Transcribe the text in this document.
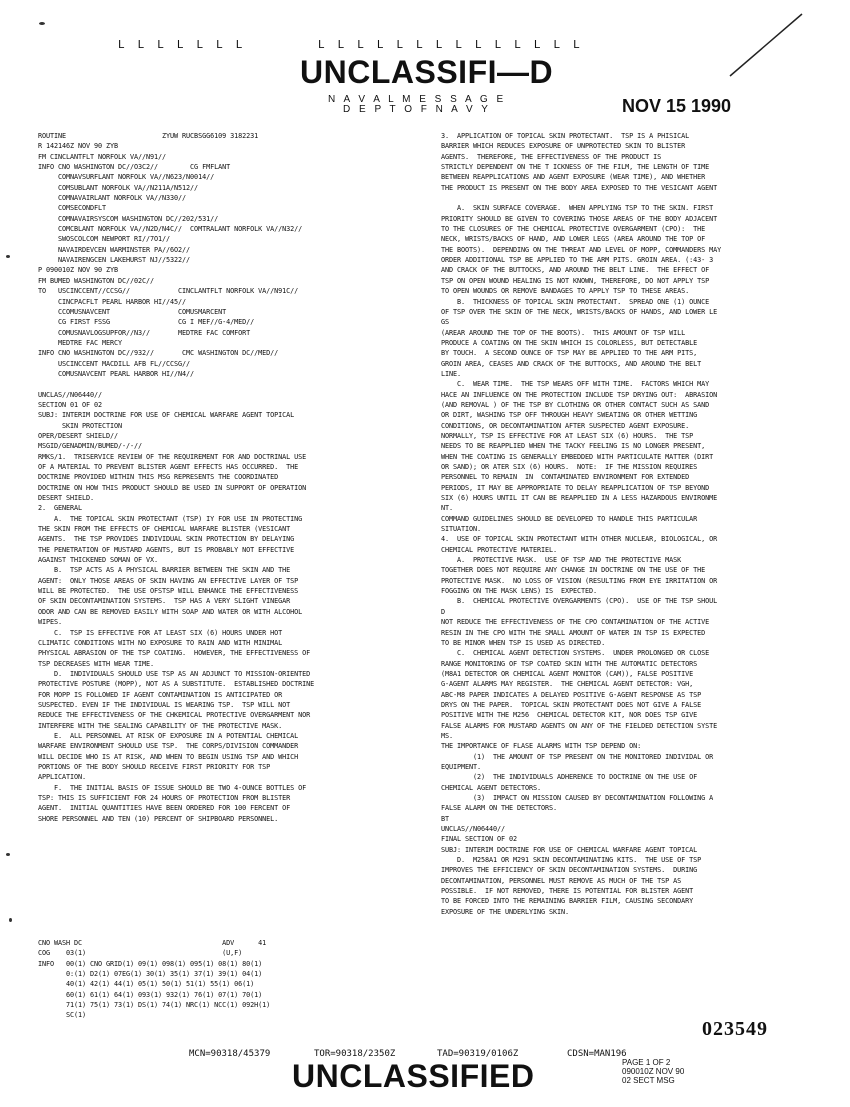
L L L L L L L	L L L L L L L L L L L L L L
UNCLASSIFI―D
N A V A L M E S S A G E
D E P T O F N A V Y	NOV 15 1990
ROUTINE                        ZYUW RUCBSGG6109 3182231
R 142146Z NOV 90 ZYB
FM CINCLANTFLT NORFOLK VA//N91//
INFO CNO WASHINGTON DC//O3C2//        CG FMFLANT
COMNAVSURFLANT NORFOLK VA//N623/N0014//
COMSUBLANT NORFOLK VA//N211A/N512//
COMNAVAIRLANT NORFOLK VA//N330//
COMSECONDFLT
COMNAVAIRSYSCOM WASHINGTON DC//202/531//
COMCBLANT NORFOLK VA//N2D/N4C//  COMTRALANT NORFOLK VA//N32//
SWOSCOLCOM NEWPORT RI//7O1//
NAVAIRDEVCEN WARMINSTER PA//6O2//
NAVAIRENGCEN LAKEHURST NJ//5322//
P 090010Z NOV 90 ZYB
FM BUMED WASHINGTON DC//02C//
TO   USCINCCENT//CCSG//            CINCLANTFLT NORFOLK VA//N91C//
CINCPACFLT PEARL HARBOR HI//45//
CCOMUSNAVCENT                 COMUSMARCENT
CG FIRST FSSG                 CG I MEF//G-4/MED//
COMUSNAVLOGSUPFOR//N3//       MEDTRE FAC COMFORT
MEDTRE FAC MERCY
INFO CNO WASHINGTON DC//932//       CMC WASHINGTON DC//MED//
USCINCCENT MACDILL AFB FL//CCSG//
COMUSNAVCENT PEARL HARBOR HI//N4//
UNCLAS//N06440//
SECTION 01 OF 02
SUBJ: INTERIM DOCTRINE FOR USE OF CHEMICAL WARFARE AGENT TOPICAL
SKIN PROTECTION
OPER/DESERT SHIELD//
MSGID/GENADMIN/BUMED/-/-//
RMKS/1.  TRISERVICE REVIEW OF THE REQUIREMENT FOR AND DOCTRINAL USE
OF A MATERIAL TO PREVENT BLISTER AGENT EFFECTS HAS OCCURRED.  THE
DOCTRINE PROVIDED WITHIN THIS MSG REPRESENTS THE COORDINATED
DOCTRINE ON HOW THIS PRODUCT SHOULD BE USED IN SUPPORT OF OPERATION
DESERT SHIELD.
2.  GENERAL
A.  THE TOPICAL SKIN PROTECTANT (TSP) IY FOR USE IN PROTECTING
THE SKIN FROM THE EFFECTS OF CHEMICAL WARFARE BLISTER (VESICANT
AGENTS.  THE TSP PROVIDES INDIVIDUAL SKIN PROTECTION BY DELAYING
THE PENETRATION OF MUSTARD AGENTS, BUT IS PROBABLY NOT EFFECTIVE
AGAINST THICKENED SOMAN OF VX.
B.  TSP ACTS AS A PHYSICAL BARRIER BETWEEN THE SKIN AND THE
AGENT:  ONLY THOSE AREAS OF SKIN HAVING AN EFFECTIVE LAYER OF TSP
WILL BE PROTECTED.  THE USE OFSTSP WILL ENHANCE THE EFFECTIVENESS
OF SKIN DECONTAMINATION SYSTEMS.  TSP HAS A VERY SLIGHT VINEGAR
ODOR AND CAN BE REMOVED EASILY WITH SOAP AND WATER OR WITH ALCOHOL
WIPES.
C.  TSP IS EFFECTIVE FOR AT LEAST SIX (6) HOURS UNDER HOT
CLIMATIC CONDITIONS WITH NO EXPOSURE TO RAIN AND WITH MINIMAL
PHYSICAL ABRASION OF THE TSP COATING.  HOWEVER, THE EFFECTIVENESS OF
TSP DECREASES WITH WEAR TIME.
D.  INDIVIDUALS SHOULD USE TSP AS AN ADJUNCT TO MISSION-ORIENTED
PROTECTIVE POSTURE (MOPP), NOT AS A SUBSTITUTE.  ESTABLISHED DOCTRINE
FOR MOPP IS FOLLOWED IF AGENT CONTAMINATION IS ANTICIPATED OR
SUSPECTED. EVEN IF THE INDIVIDUAL IS WEARING TSP.  TSP WILL NOT
REDUCE THE EFFECTIVENESS OF THE CHKEMICAL PROTECTIVE OVERGARMENT NOR
INTERFERE WITH THE SEALING CAPABILITY OF THE PROTECTIVE MASK.
E.  ALL PERSONNEL AT RISK OF EXPOSURE IN A POTENTIAL CHEMICAL
WARFARE ENVIRONMENT SHOULD USE TSP.  THE CORPS/DIVISION COMMANDER
WILL DECIDE WHO IS AT RISK, AND WHEN TO BEGIN USING TSP AND WHICH
PORTIONS OF THE BODY SHOULD RECEIVE FIRST PRIORITY FOR TSP
APPLICATION.
F.  THE INITIAL BASIS OF ISSUE SHOULD BE TWO 4-OUNCE BOTTLES OF
TSP: THIS IS SUFFICIENT FOR 24 HOURS OF PROTECTION FROM BLISTER
AGENT.  INITIAL QUANTITIES HAVE BEEN ORDERED FOR 100 FERCENT OF
SHORE PERSONNEL AND TEN (10) PERCENT OF SHIPBOARD PERSONNEL.
CNO WASH DC                                   ADV      41
COG    03(1)                                  (U,F)
INFO   00(1) CNO GRID(1) 09(1) 098(1) 095(1) 08(1) 80(1)
0:(1) D2(1) 07EG(1) 30(1) 35(1) 37(1) 39(1) 04(1)
40(1) 42(1) 44(1) 05(1) 50(1) 51(1) 55(1) 06(1)
60(1) 61(1) 64(1) 093(1) 932(1) 76(1) 07(1) 70(1)
71(1) 75(1) 73(1) DS(1) 74(1) NRC(1) NCC(1) 092H(1)
SC(1)
3.  APPLICATION OF TOPICAL SKIN PROTECTANT.  TSP IS A PHISICAL
BARRIER WHICH REDUCES EXPOSURE OF UNPROTECTED SKIN TO BLISTER
AGENTS.  THEREFORE, THE EFFECTIVENESS OF THE PRODUCT IS
STRICTLY DEPENDENT ON THE T ICKNESS OF THE FILM, THE LENGTH OF TIME
BETWEEN REAPPLICATIONS AND AGENT EXPOSURE (WEAR TIME), AND WHETHER
THE PRODUCT IS PRESENT ON THE BODY AREA EXPOSED TO THE VESICANT AGENT
A.  SKIN SURFACE COVERAGE.  WHEN APPLYING TSP TO THE SKIN. FIRST
PRIORITY SHOULD BE GIVEN TO COVERING THOSE AREAS OF THE BODY ADJACENT
TO THE CLOSURES OF THE CHEMICAL PROTECTIVE OVERGARMENT (CPO):  THE
NECK, WRISTS/BACKS OF HAND, AND LOWER LEGS (AREA AROUND THE TOP OF
THE BOOTS).  DEPENDING ON THE THREAT AND LEVEL OF MOPP, COMMANDERS MAY
ORDER ADDITIONAL TSP BE APPLIED TO THE ARM PITS. GROIN AREA. (:43- 3
AND CRACK OF THE BUTTOCKS, AND AROUND THE BELT LINE.  THE EFFECT OF
TSP ON OPEN WOUND HEALING IS NOT KNOWN, THEREFORE, DO NOT APPLY TSP
TO OPEN WOUNDS OR REMOVE BANDAGES TO APPLY TSP TO THESE AREAS.
B.  THICKNESS OF TOPICAL SKIN PROTECTANT.  SPREAD ONE (1) OUNCE
OF TSP OVER THE SKIN OF THE NECK, WRISTS/BACKS OF HANDS, AND LOWER LE
GS
(AREAR AROUND THE TOP OF THE BOOTS).  THIS AMOUNT OF TSP WILL
PRODUCE A COATING ON THE SKIN WHICH IS COLORLESS, BUT DETECTABLE
BY TOUCH.  A SECOND OUNCE OF TSP MAY BE APPLIED TO THE ARM PITS,
GROIN AREA, CEASES AND CRACK OF THE BUTTOCKS, AND AROUND THE BELT
LINE.
C.  WEAR TIME.  THE TSP WEARS OFF WITH TIME.  FACTORS WHICH MAY
HACE AN INFLUENCE ON THE PROTECTION INCLUDE TSP DRYING OUT:  ABRASION
(AND REMOVAL ) OF THE TSP BY CLOTHING OR OTHER CONTACT SUCH AS SAND
OR DIRT, WASHING TSP OFF THROUGH HEAVY SWEATING OR OTHER WETTING
CONDITIONS, OR DECONTAMINATION AFTER SUSPECTED AGENT EXPOSURE.
NORMALLY, TSP IS EFFECTIVE FOR AT LEAST SIX (6) HOURS.  THE TSP
NEEDS TO BE REAPPLIED WHEN THE TACKY FEELING IS NO LONGER PRESENT,
WHEN THE COATING IS GENERALLY EMBEDDED WITH PARTICULATE MATTER (DIRT
OR SAND); OR ATER SIX (6) HOURS.  NOTE:  IF THE MISSION REQUIRES
PERSONNEL TO REMAIN  IN  CONTAMINATED ENVIRONMENT FOR EXTENDED
PERIODS, IT MAY BE APPROPRIATE TO DELAY REAPPLICATION OF TSP BEYOND
SIX (6) HOURS UNTIL IT CAN BE REAPPLIED IN A LESS HAZARDOUS ENVIRONME
NT.
COMMAND GUIDELINES SHOULD BE DEVELOPED TO HANDLE THIS PARTICULAR
SITUATION.
4.  USE OF TOPICAL SKIN PROTECTANT WITH OTHER NUCLEAR, BIOLOGICAL, OR
CHEMICAL PROTECTIVE MATERIEL.
A.  PROTECTIVE MASK.  USE OF TSP AND THE PROTECTIVE MASK
TOGETHER DOES NOT REQUIRE ANY CHANGE IN DOCTRINE ON THE USE OF THE
PROTECTIVE MASK.  NO LOSS OF VISION (RESULTING FROM EYE IRRITATION OR
FOGGING ON THE MASK LENS) IS  EXPECTED.
B.  CHEMICAL PROTECTIVE OVERGARMENTS (CPO).  USE OF THE TSP SHOUL
D
NOT REDUCE THE EFFECTIVENESS OF THE CPO CONTAMINATION OF THE ACTIVE
RESIN IN THE CPO WITH THE SMALL AMOUNT OF WATER IN TSP IS EXPECTED
TO BE MINOR WHEN TSP IS USED AS DIRECTED.
C.  CHEMICAL AGENT DETECTION SYSTEMS.  UNDER PROLONGED OR CLOSE
RANGE MONITORING OF TSP COATED SKIN WITH THE AUTOMATIC DETECTORS
(M8A1 DETECTOR OR CHEMICAL AGENT MONITOR (CAM)), FALSE POSITIVE
G-AGENT ALARMS MAY REGISTER.  THE CHEMICAL AGENT DETECTOR: VGH,
ABC-M8 PAPER INDICATES A DELAYED POSITIVE G-AGENT RESPONSE AS TSP
DRYS ON THE PAPER.  TOPICAL SKIN PROTECTANT DOES NOT GIVE A FALSE
POSITIVE WITH THE M256  CHEMICAL DETECTOR KIT, NOR DOES TSP GIVE
FALSE ALARMS FOR MUSTARD AGENTS ON ANY OF THE FIELDED DETECTION SYSTE
MS.
THE IMPORTANCE OF FLASE ALARMS WITH TSP DEPEND ON:
(1)  THE AMOUNT OF TSP PRESENT ON THE MONITORED INDIVIDAL OR
EQUIPMENT.
(2)  THE INDIVIDUALS ADHERENCE TO DOCTRINE ON THE USE OF
CHEMICAL AGENT DETECTORS.
(3)  IMPACT ON MISSION CAUSED BY DECONTAMINATION FOLLOWING A
FALSE ALARM ON THE DETECTORS.
BT
UNCLAS//N06440//
FINAL SECTION OF 02
SUBJ: INTERIM DOCTRINE FOR USE OF CHEMICAL WARFARE AGENT TOPICAL
D.  M258A1 OR M291 SKIN DECONTAMINATING KITS.  THE USE OF TSP
IMPROVES THE EFFICIENCY OF SKIN DECONTAMINATION SYSTEMS.  DURING
DECONTAMINATION, PERSONNEL MUST REMOVE AS MUCH OF THE TSP AS
POSSIBLE.  IF NOT REMOVED, THERE IS POTENTIAL FOR BLISTER AGENT
TO BE FORCED INTO THE REMAINING BARRIER FILM, CAUSING SECONDARY
EXPOSURE OF THE UNDERLYING SKIN.
023549
MCN=90318/45379	TOR=90318/2350Z	TAD=90319/0106Z	CDSN=MAN196
PAGE 1 OF 2
090010Z NOV 90
02 SECT MSG
UNCLASSIFIED
